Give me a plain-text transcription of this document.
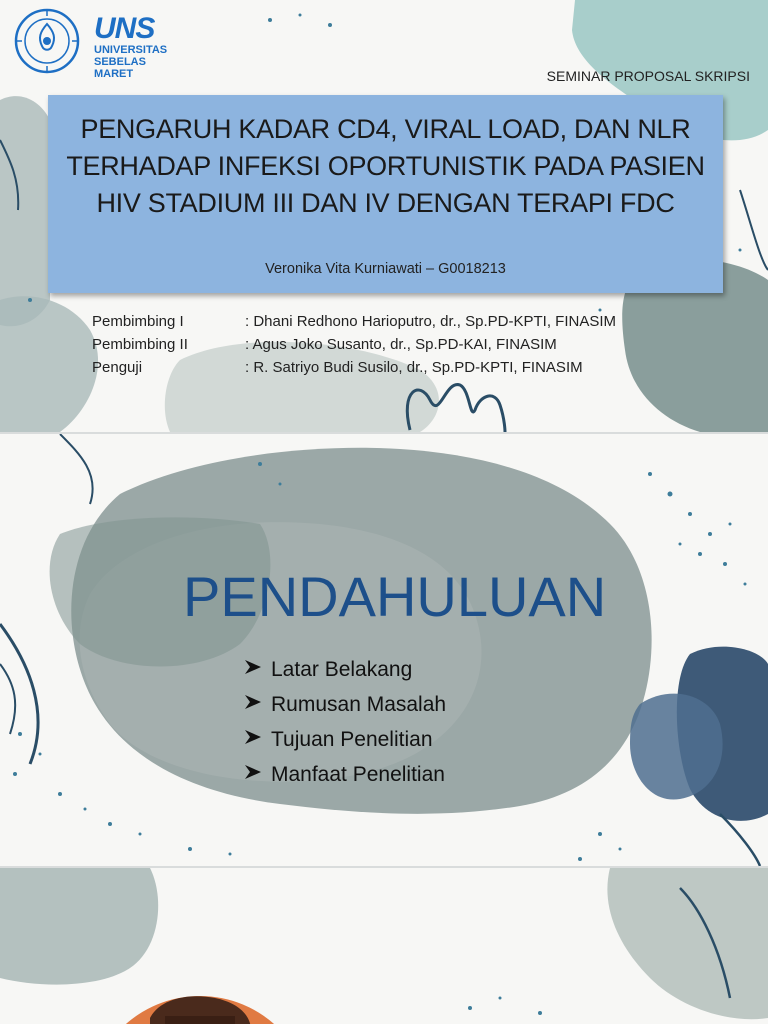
UNS
UNIVERSITAS
SEBELAS MARET	SEMINAR PROPOSAL SKRIPSI
PENGARUH KADAR CD4, VIRAL LOAD, DAN NLR
TERHADAP INFEKSI OPORTUNISTIK PADA PASIEN
HIV STADIUM III DAN IV DENGAN TERAPI FDC
Veronika Vita Kurniawati – G0018213
Pembimbing I	: Dhani Redhono Harioputro, dr., Sp.PD-KPTI, FINASIM
Pembimbing II	: Agus Joko Susanto, dr., Sp.PD-KAI, FINASIM
Penguji	: R. Satriyo Budi Susilo, dr., Sp.PD-KPTI, FINASIM
PENDAHULUAN
Latar Belakang
Rumusan Masalah
Tujuan Penelitian
Manfaat Penelitian
